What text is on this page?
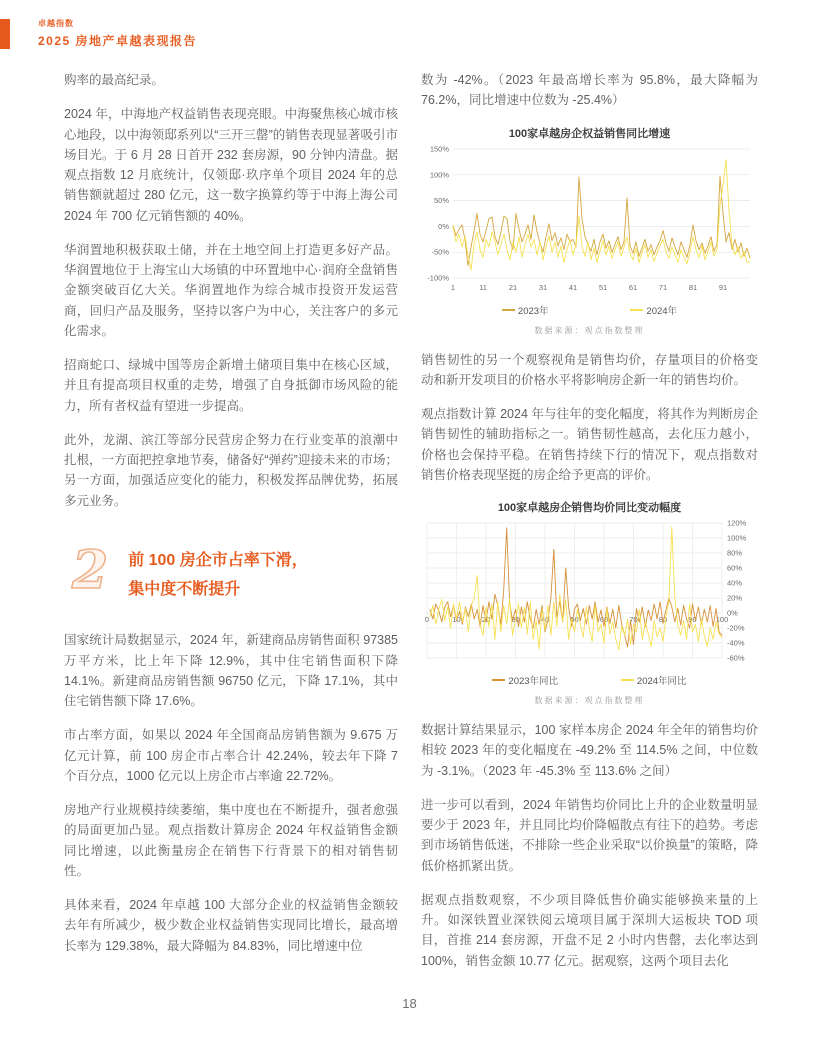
卓越指数
2025 房地产卓越表现报告

购率的最高纪录。

2024 年，中海地产权益销售表现亮眼。中海聚焦核心城市核心地段，以中海领邸系列以“三开三罄”的销售表现显著吸引市场目光。于 6 月 28 日首开 232 套房源，90 分钟内清盘。据观点指数 12 月底统计，仅领邸·玖序单个项目 2024 年的总销售额就超过 280 亿元，这一数字换算约等于中海上海公司 2024 年 700 亿元销售额的 40%。

华润置地积极获取土储，并在土地空间上打造更多好产品。华润置地位于上海宝山大场镇的中环置地中心·润府全盘销售金额突破百亿大关。华润置地作为综合城市投资开发运营商，回归产品及服务，坚持以客户为中心，关注客户的多元化需求。

招商蛇口、绿城中国等房企新增土储项目集中在核心区域，并且有提高项目权重的走势，增强了自身抵御市场风险的能力，所有者权益有望进一步提高。

此外，龙湖、滨江等部分民营房企努力在行业变革的浪潮中扎根，一方面把控拿地节奏，储备好“弹药”迎接未来的市场；另一方面，加强适应变化的能力，积极发挥品牌优势，拓展多元业务。

2 前 100 房企市占率下滑，
集中度不断提升

国家统计局数据显示，2024 年，新建商品房销售面积 97385 万平方米，比上年下降 12.9%，其中住宅销售面积下降 14.1%。新建商品房销售额 96750 亿元，下降 17.1%，其中住宅销售额下降 17.6%。

市占率方面，如果以 2024 年全国商品房销售额为 9.675 万亿元计算，前 100 房企市占率合计 42.24%，较去年下降 7 个百分点，1000 亿元以上房企市占率逾 22.72%。

房地产行业规模持续萎缩，集中度也在不断提升，强者愈强的局面更加凸显。观点指数计算房企 2024 年权益销售金额同比增速，以此衡量房企在销售下行背景下的相对销售韧性。

具体来看，2024 年卓越 100 大部分企业的权益销售金额较去年有所减少，极少数企业权益销售实现同比增长，最高增长率为 129.38%，最大降幅为 84.83%，同比增速中位

数为 -42%。（2023 年最高增长率为 95.8%，最大降幅为 76.2%，同比增速中位数为 -25.4%）

100家卓越房企权益销售同比增速
150%
100%
50%
0%
-50%
-100%
1	11	21	31	41	51	61	71	81	91
2023年	2024年
数据来源：观点指数整理

销售韧性的另一个观察视角是销售均价，存量项目的价格变动和新开发项目的价格水平将影响房企新一年的销售均价。

观点指数计算 2024 年与往年的变化幅度，将其作为判断房企销售韧性的辅助指标之一。销售韧性越高，去化压力越小，价格也会保持平稳。在销售持续下行的情况下，观点指数对销售价格表现坚挺的房企给予更高的评价。

100家卓越房企销售均价同比变动幅度
120%
100%
80%
60%
40%
20%
0%
-20%
-40%
-60%
0	10	20	30	40	50	60	70	80	90	100
2023年同比	2024年同比
数据来源：观点指数整理

数据计算结果显示，100 家样本房企 2024 年全年的销售均价相较 2023 年的变化幅度在 -49.2% 至 114.5% 之间，中位数为 -3.1%。（2023 年 -45.3% 至 113.6% 之间）

进一步可以看到，2024 年销售均价同比上升的企业数量明显要少于 2023 年，并且同比均价降幅散点有往下的趋势。考虑到市场销售低迷，不排除一些企业采取“以价换量”的策略，降低价格抓紧出货。

据观点指数观察，不少项目降低售价确实能够换来量的上升。如深铁置业深铁阅云境项目属于深圳大运板块 TOD 项目，首推 214 套房源，开盘不足 2 小时内售罄，去化率达到 100%，销售金额 10.77 亿元。据观察，这两个项目去化

18
